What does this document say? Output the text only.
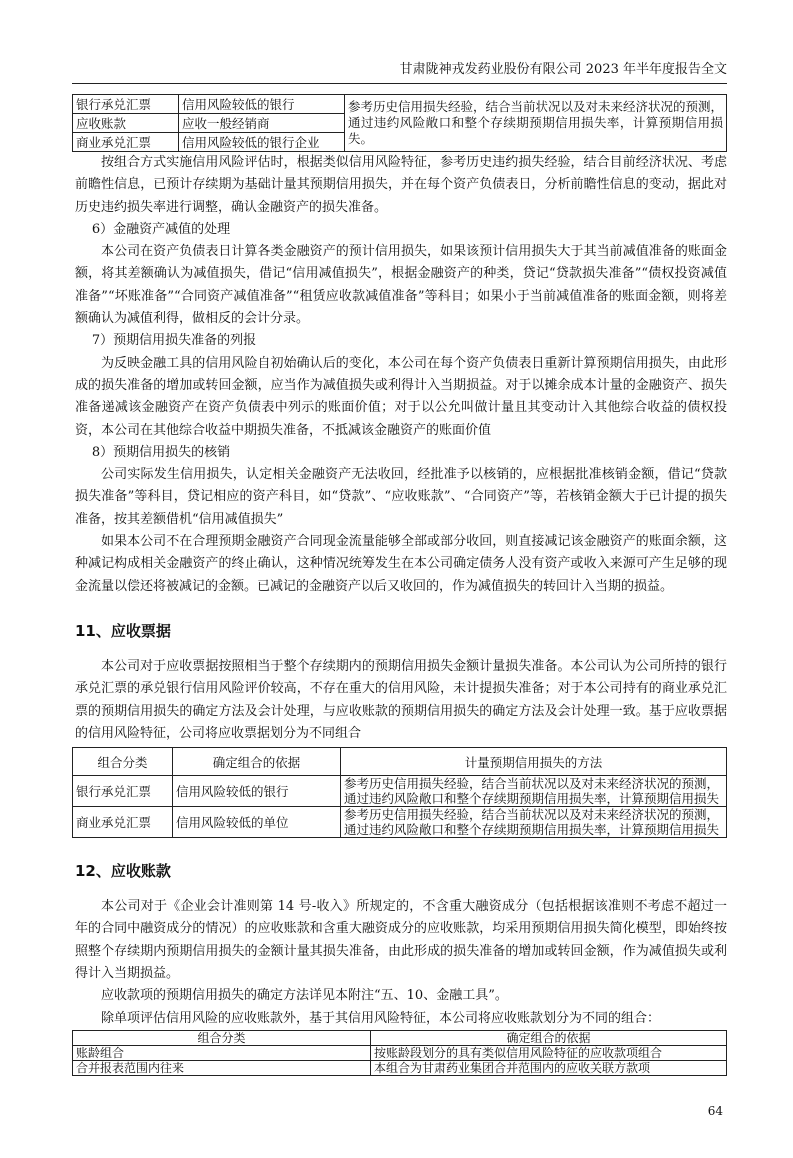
甘肃陇神戎发药业股份有限公司 2023 年半年度报告全文
银行承兑汇票	信用风险较低的银行	参考历史信用损失经验，结合当前状况以及对未来经济状况的预测，通过违约风险敞口和整个存续期预期信用损失率，计算预期信用损失。
应收账款	应收一般经销商	
商业承兑汇票	信用风险较低的银行企业	

按组合方式实施信用风险评估时，根据类似信用风险特征，参考历史违约损失经验，结合目前经济状况、考虑前瞻性信息，已预计存续期为基础计量其预期信用损失，并在每个资产负债表日，分析前瞻性信息的变动，据此对历史违约损失率进行调整，确认金融资产的损失准备。

6）金融资产减值的处理

本公司在资产负债表日计算各类金融资产的预计信用损失，如果该预计信用损失大于其当前减值准备的账面金额，将其差额确认为减值损失，借记“信用减值损失”，根据金融资产的种类，贷记“贷款损失准备”“债权投资减值准备”“坏账准备”“合同资产减值准备”“租赁应收款减值准备”等科目；如果小于当前减值准备的账面金额，则将差额确认为减值利得，做相反的会计分录。

7）预期信用损失准备的列报

为反映金融工具的信用风险自初始确认后的变化，本公司在每个资产负债表日重新计算预期信用损失，由此形成的损失准备的增加或转回金额，应当作为减值损失或利得计入当期损益。对于以摊余成本计量的金融资产、损失准备递减该金融资产在资产负债表中列示的账面价值；对于以公允叫做计量且其变动计入其他综合收益的债权投资，本公司在其他综合收益中期损失准备，不抵减该金融资产的账面价值

8）预期信用损失的核销

公司实际发生信用损失，认定相关金融资产无法收回，经批准予以核销的，应根据批准核销金额，借记“贷款损失准备”等科目，贷记相应的资产科目，如“贷款”、“应收账款”、“合同资产”等，若核销金额大于已计提的损失准备，按其差额借机“信用减值损失”

如果本公司不在合理预期金融资产合同现金流量能够全部或部分收回，则直接减记该金融资产的账面余额，这种减记构成相关金融资产的终止确认，这种情况统筹发生在本公司确定债务人没有资产或收入来源可产生足够的现金流量以偿还将被减记的金额。已减记的金融资产以后又收回的，作为减值损失的转回计入当期的损益。

11、应收票据

本公司对于应收票据按照相当于整个存续期内的预期信用损失金额计量损失准备。本公司认为公司所持的银行承兑汇票的承兑银行信用风险评价较高，不存在重大的信用风险，未计提损失准备；对于本公司持有的商业承兑汇票的预期信用损失的确定方法及会计处理，与应收账款的预期信用损失的确定方法及会计处理一致。基于应收票据的信用风险特征，公司将应收票据划分为不同组合

组合分类	确定组合的依据	计量预期信用损失的方法
银行承兑汇票	信用风险较低的银行	参考历史信用损失经验，结合当前状况以及对未来经济状况的预测，通过违约风险敞口和整个存续期预期信用损失率，计算预期信用损失
商业承兑汇票	信用风险较低的单位	参考历史信用损失经验，结合当前状况以及对未来经济状况的预测，通过违约风险敞口和整个存续期预期信用损失率，计算预期信用损失
12、应收账款

本公司对于《企业会计准则第 14 号-收入》所规定的，不含重大融资成分（包括根据该准则不考虑不超过一年的合同中融资成分的情况）的应收账款和含重大融资成分的应收账款，均采用预期信用损失简化模型，即始终按照整个存续期内预期信用损失的金额计量其损失准备，由此形成的损失准备的增加或转回金额，作为减值损失或利得计入当期损益。

应收款项的预期信用损失的确定方法详见本附注“五、10、金融工具”。

除单项评估信用风险的应收账款外，基于其信用风险特征，本公司将应收账款划分为不同的组合：

组合分类	确定组合的依据
账龄组合	按账龄段划分的具有类似信用风险特征的应收款项组合
合并报表范围内往来	本组合为甘肃药业集团合并范围内的应收关联方款项
64
